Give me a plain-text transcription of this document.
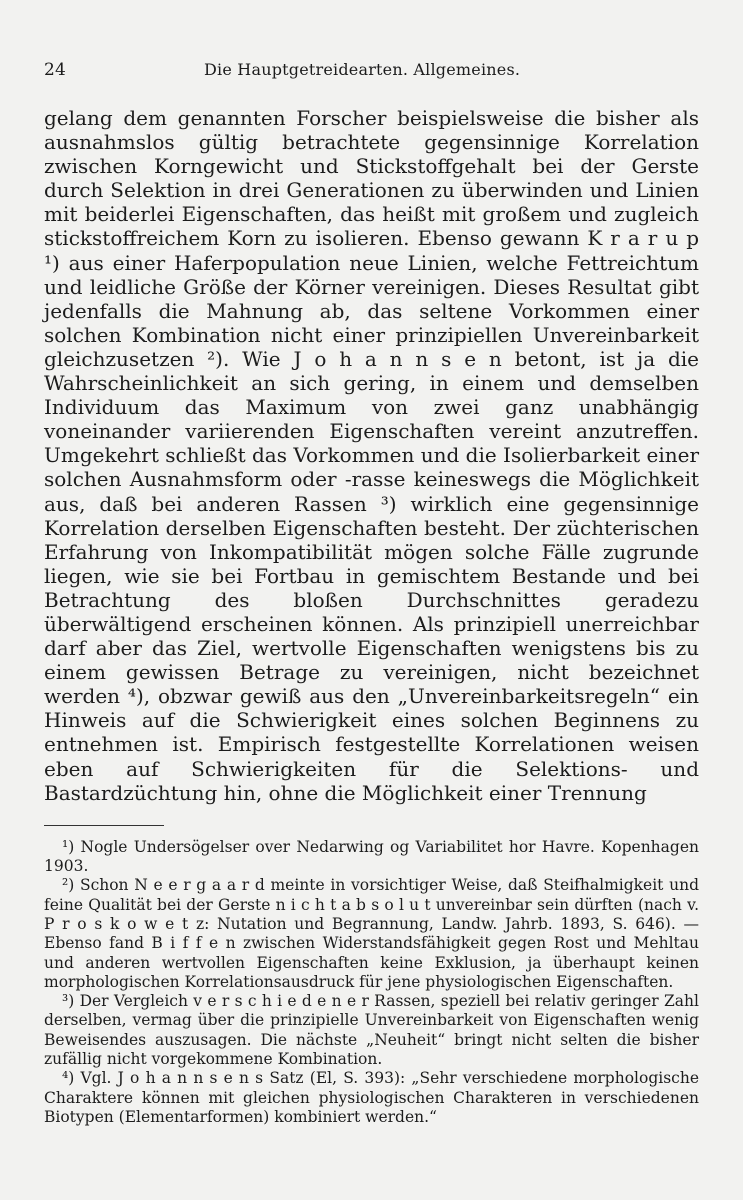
24	Die Hauptgetreidearten. Allgemeines.

gelang dem genannten Forscher beispielsweise die bisher als ausnahmslos gültig betrachtete gegensinnige Korrelation zwischen Korngewicht und Stickstoffgehalt bei der Gerste durch Selektion in drei Generationen zu überwinden und Linien mit beiderlei Eigenschaften, das heißt mit großem und zugleich stickstoffreichem Korn zu isolieren. Ebenso gewann K r a r u p ¹) aus einer Haferpopulation neue Linien, welche Fettreichtum und leidliche Größe der Körner vereinigen. Dieses Resultat gibt jedenfalls die Mahnung ab, das seltene Vorkommen einer solchen Kombination nicht einer prinzipiellen Unvereinbarkeit gleichzusetzen ²). Wie J o h a n n s e n betont, ist ja die Wahrscheinlichkeit an sich gering, in einem und demselben Individuum das Maximum von zwei ganz unabhängig voneinander variierenden Eigenschaften vereint anzutreffen. Umgekehrt schließt das Vorkommen und die Isolierbarkeit einer solchen Ausnahmsform oder -rasse keineswegs die Möglichkeit aus, daß bei anderen Rassen ³) wirklich eine gegensinnige Korrelation derselben Eigenschaften besteht. Der züchterischen Erfahrung von Inkompatibilität mögen solche Fälle zugrunde liegen, wie sie bei Fortbau in gemischtem Bestande und bei Betrachtung des bloßen Durchschnittes geradezu überwältigend erscheinen können. Als prinzipiell unerreichbar darf aber das Ziel, wertvolle Eigenschaften wenigstens bis zu einem gewissen Betrage zu vereinigen, nicht bezeichnet werden ⁴), obzwar gewiß aus den „Unvereinbarkeitsregeln“ ein Hinweis auf die Schwierigkeit eines solchen Beginnens zu entnehmen ist. Empirisch festgestellte Korrelationen weisen eben auf Schwierigkeiten für die Selektions- und Bastardzüchtung hin, ohne die Möglichkeit einer Trennung

¹) Nogle Undersögelser over Nedarwing og Variabilitet hor Havre. Kopenhagen 1903.

²) Schon N e e r g a a r d meinte in vorsichtiger Weise, daß Steifhalmigkeit und feine Qualität bei der Gerste n i c h t a b s o l u t unvereinbar sein dürften (nach v. P r o s k o w e t z: Nutation und Begrannung, Landw. Jahrb. 1893, S. 646). — Ebenso fand B i f f e n zwischen Widerstandsfähigkeit gegen Rost und Mehltau und anderen wertvollen Eigenschaften keine Exklusion, ja überhaupt keinen morphologischen Korrelationsausdruck für jene physiologischen Eigenschaften.

³) Der Vergleich v e r s c h i e d e n e r Rassen, speziell bei relativ geringer Zahl derselben, vermag über die prinzipielle Unvereinbarkeit von Eigenschaften wenig Beweisendes auszusagen. Die nächste „Neuheit“ bringt nicht selten die bisher zufällig nicht vorgekommene Kombination.

⁴) Vgl. J o h a n n s e n s Satz (El, S. 393): „Sehr verschiedene morphologische Charaktere können mit gleichen physiologischen Charakteren in verschiedenen Biotypen (Elementarformen) kombiniert werden.“
